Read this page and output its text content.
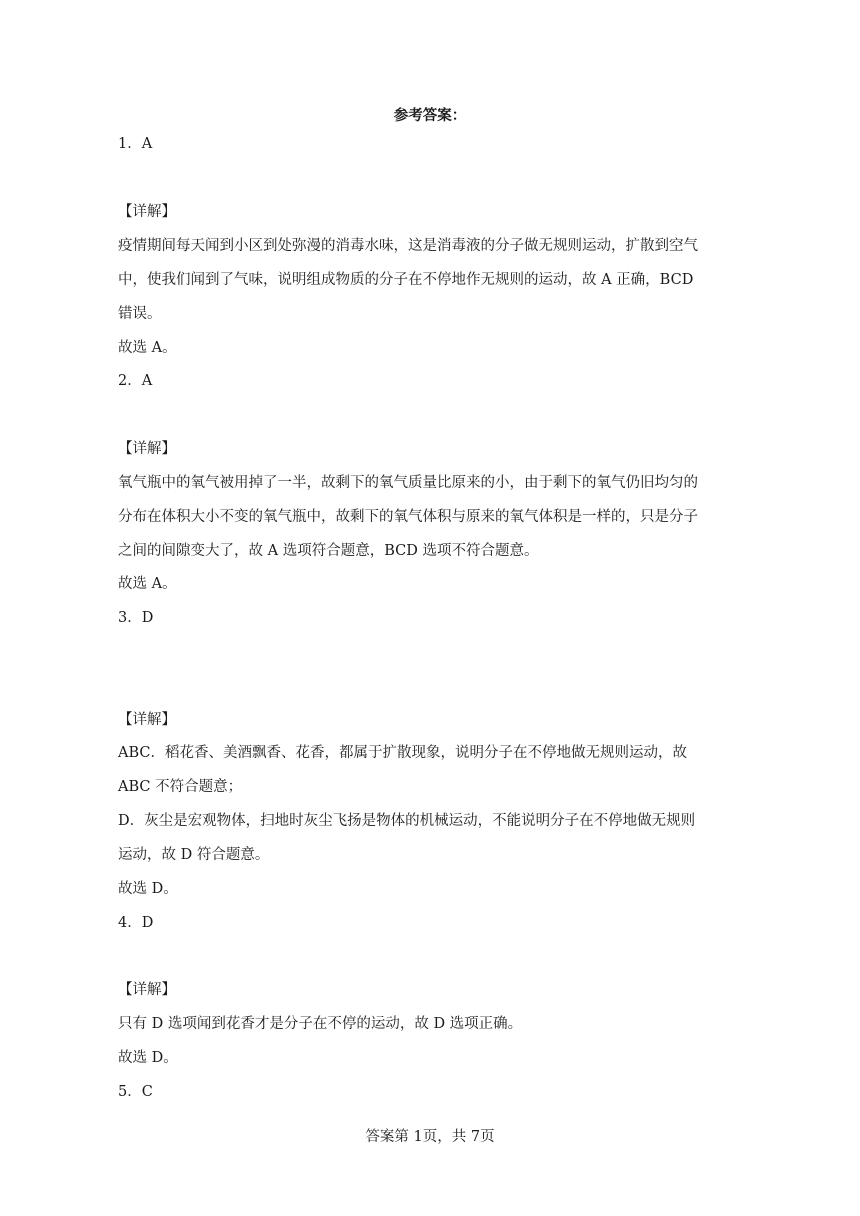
参考答案：
1．A
【详解】
疫情期间每天闻到小区到处弥漫的消毒水味，这是消毒液的分子做无规则运动，扩散到空气
中，使我们闻到了气味，说明组成物质的分子在不停地作无规则的运动，故 A 正确，BCD
错误。
故选 A。
2．A
【详解】
氧气瓶中的氧气被用掉了一半，故剩下的氧气质量比原来的小，由于剩下的氧气仍旧均匀的
分布在体积大小不变的氧气瓶中，故剩下的氧气体积与原来的氧气体积是一样的，只是分子
之间的间隙变大了，故 A 选项符合题意，BCD 选项不符合题意。
故选 A。
3．D
【详解】
ABC．稻花香、美酒飘香、花香，都属于扩散现象，说明分子在不停地做无规则运动，故
ABC 不符合题意；
D．灰尘是宏观物体，扫地时灰尘飞扬是物体的机械运动，不能说明分子在不停地做无规则
运动，故 D 符合题意。
故选 D。
4．D
【详解】
只有 D 选项闻到花香才是分子在不停的运动，故 D 选项正确。
故选 D。
5．C
答案第 1页，共 7页
